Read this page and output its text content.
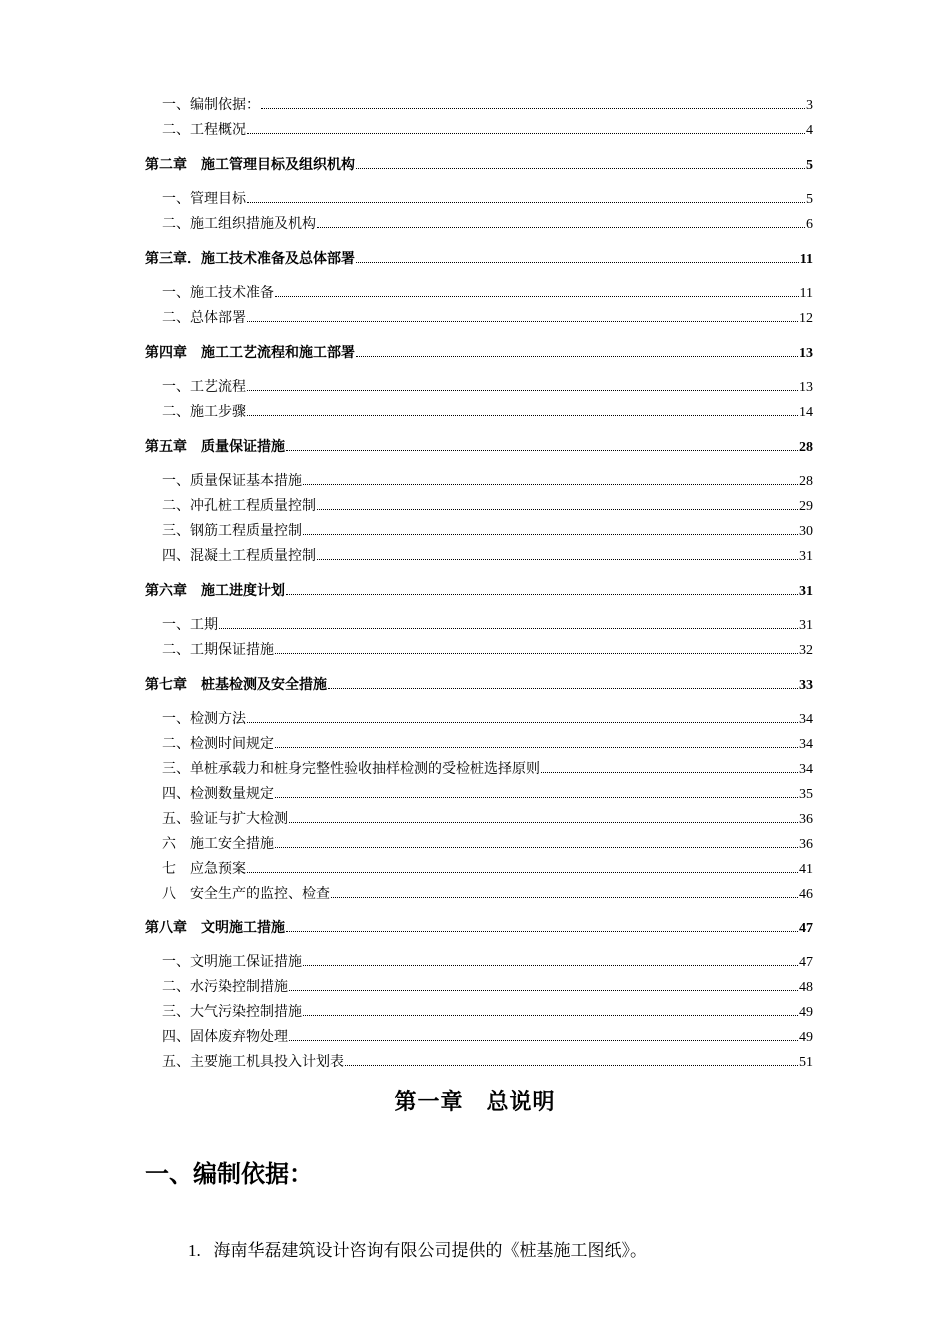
一、编制依据：	3
二、工程概况	4
第二章　施工管理目标及组织机构	5
一、管理目标	5
二、施工组织措施及机构	6
第三章．施工技术准备及总体部署	11
一、施工技术准备	11
二、总体部署	12
第四章　施工工艺流程和施工部署	13
一、工艺流程	13
二、施工步骤	14
第五章　质量保证措施	28
一、质量保证基本措施	28
二、冲孔桩工程质量控制	29
三、钢筋工程质量控制	30
四、混凝土工程质量控制	31
第六章　施工进度计划	31
一、工期	31
二、工期保证措施	32
第七章　桩基检测及安全措施	33
一、检测方法	34
二、检测时间规定	34
三、单桩承载力和桩身完整性验收抽样检测的受检桩选择原则	34
四、检测数量规定	35
五、验证与扩大检测	36
六　施工安全措施	36
七　应急预案	41
八　安全生产的监控、检查	46
第八章　文明施工措施	47
一、文明施工保证措施	47
二、水污染控制措施	48
三、大气污染控制措施	49
四、固体废弃物处理	49
五、主要施工机具投入计划表	51
第一章　总说明
一、编制依据：
1. 海南华磊建筑设计咨询有限公司提供的《桩基施工图纸》。
